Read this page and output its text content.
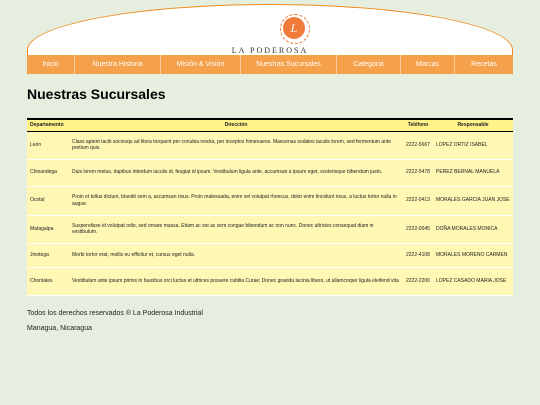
L
LA PODEROSA
Inicio	Nuestra Historia	Misión & Visión	Nuestras Sucursales	Categoria	Marcas	Recetas
Nuestras Sucursales
Departamento	Dirección	Teléfono	Responsable
León	Class aptent taciti sociosqu ad litora torquent per conubia nostra, per inceptos himenaeos. Maecenas sodales iaculis lorem, sed fermentum ante pretium quis.	2222-5667	LOPEZ ORTIZ ISABEL
Chinandega	Duis lorem metus, dapibus interdum iaculis id, feugiat id ipsum. Vestibulum ligula ante, accumsan a ipsum eget, scelerisque bibendum justo.	2222-5478	PEREZ BERNAL MANUELA
Ocotal	Proin et tellus dictum, blandit sem a, accumsan risus. Proin malesuada, enim vel volutpat rhoncus, dolor enim tincidunt risus, a luctus tortor nulla in augue.	2222-0413	MORALES GARCIA JUAN JOSE
Matagalpa	Suspendisse id volutpat odio, sed ornare massa. Etiam ac est ac sem congue bibendum ac non nunc. Donec ultricies consequat diam in vestibulum.	2222-0045	DOÑA MORALES MONICA
Jinotega	Morbi tortor erat, mollis eu efficitur et, cursus eget nulla.	2222-4108	MORALES MORENO CARMEN
Chontales	Vestibulum ante ipsum primis in faucibus orci luctus et ultrices posuere cubilia Curae; Donec gravida lacinia libero, ut ullamcorper ligula eleifend vita	2222-2200	LOPEZ CASADO MARIA JOSE
Todos los derechos reservados ® La Poderosa Industrial
Managua, Nicaragua
